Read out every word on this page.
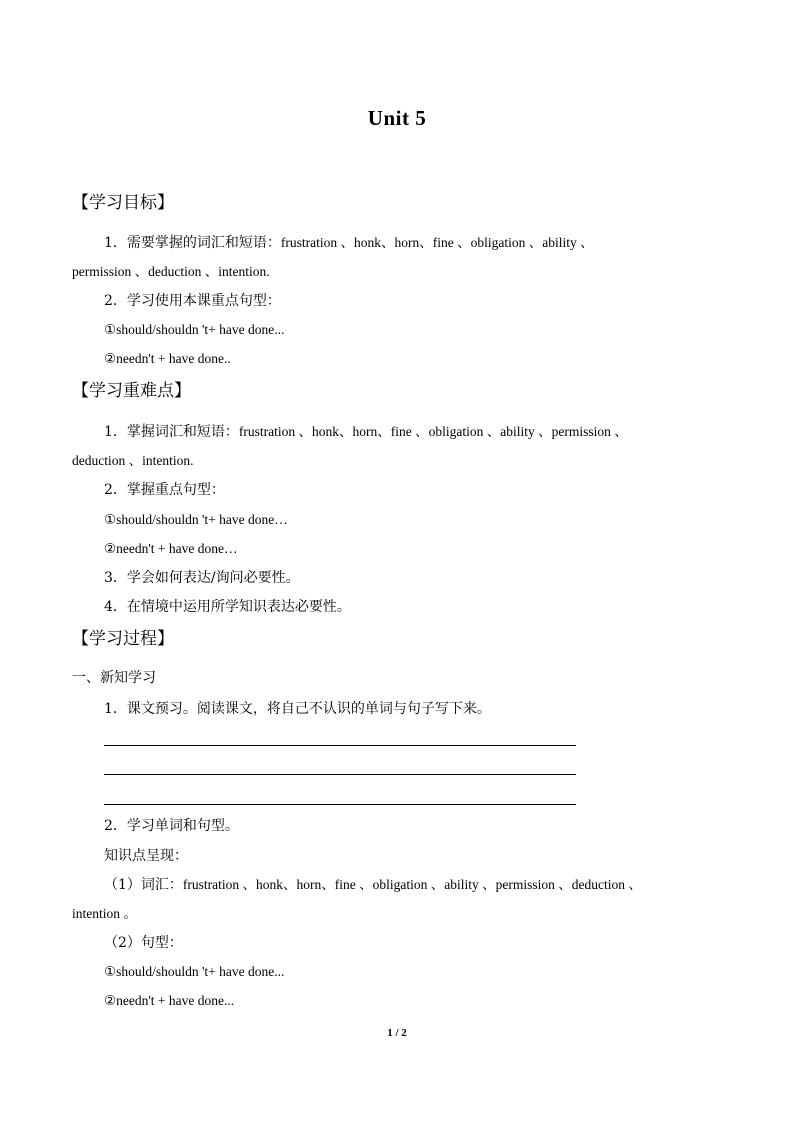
Unit 5
【学习目标】
1．需要掌握的词汇和短语：frustration 、honk、horn、fine 、obligation 、ability 、
permission 、deduction 、intention.
2．学习使用本课重点句型：
①should/shouldn 't+ have done...
②needn't + have done..
【学习重难点】
1．掌握词汇和短语：frustration 、honk、horn、fine 、obligation 、ability 、permission 、
deduction 、intention.
2．掌握重点句型：
①should/shouldn 't+ have done…
②needn't + have done…
3．学会如何表达/询问必要性。
4．在情境中运用所学知识表达必要性。
【学习过程】
一、新知学习
1．课文预习。阅读课文，将自己不认识的单词与句子写下来。
2．学习单词和句型。
知识点呈现：
（1）词汇：frustration 、honk、horn、fine 、obligation 、ability 、permission 、deduction 、
intention 。
（2）句型：
①should/shouldn 't+ have done...
②needn't + have done...
1 / 2
